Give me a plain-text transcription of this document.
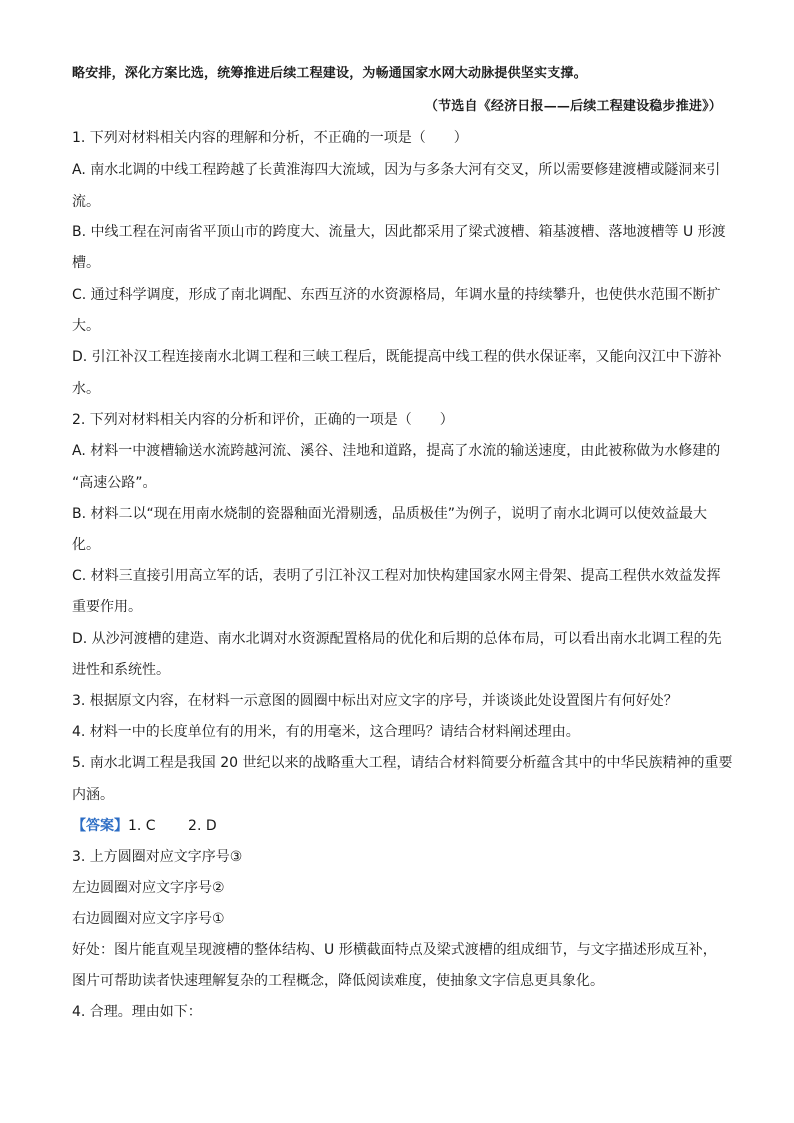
略安排，深化方案比选，统筹推进后续工程建设，为畅通国家水网大动脉提供坚实支撑。
（节选自《经济日报——后续工程建设稳步推进》）
1. 下列对材料相关内容的理解和分析，不正确的一项是（　　）
A. 南水北调的中线工程跨越了长黄淮海四大流域，因为与多条大河有交叉，所以需要修建渡槽或隧洞来引
流。
B. 中线工程在河南省平顶山市的跨度大、流量大，因此都采用了梁式渡槽、箱基渡槽、落地渡槽等 U 形渡
槽。
C. 通过科学调度，形成了南北调配、东西互济的水资源格局，年调水量的持续攀升，也使供水范围不断扩
大。
D. 引江补汉工程连接南水北调工程和三峡工程后，既能提高中线工程的供水保证率，又能向汉江中下游补
水。
2. 下列对材料相关内容的分析和评价，正确的一项是（　　）
A. 材料一中渡槽输送水流跨越河流、溪谷、洼地和道路，提高了水流的输送速度，由此被称做为水修建的
“高速公路”。
B. 材料二以“现在用南水烧制的瓷器釉面光滑剔透，品质极佳”为例子，说明了南水北调可以使效益最大
化。
C. 材料三直接引用高立军的话，表明了引江补汉工程对加快构建国家水网主骨架、提高工程供水效益发挥
重要作用。
D. 从沙河渡槽的建造、南水北调对水资源配置格局的优化和后期的总体布局，可以看出南水北调工程的先
进性和系统性。
3. 根据原文内容，在材料一示意图的圆圈中标出对应文字的序号，并谈谈此处设置图片有何好处？
4. 材料一中的长度单位有的用米，有的用毫米，这合理吗？请结合材料阐述理由。
5. 南水北调工程是我国 20 世纪以来的战略重大工程，请结合材料简要分析蕴含其中的中华民族精神的重要
内涵。
【答案】1. C　　 2. D
3. 上方圆圈对应文字序号③
左边圆圈对应文字序号②
右边圆圈对应文字序号①
好处：图片能直观呈现渡槽的整体结构、U 形横截面特点及梁式渡槽的组成细节，与文字描述形成互补，
图片可帮助读者快速理解复杂的工程概念，降低阅读难度，使抽象文字信息更具象化。
4. 合理。理由如下：
